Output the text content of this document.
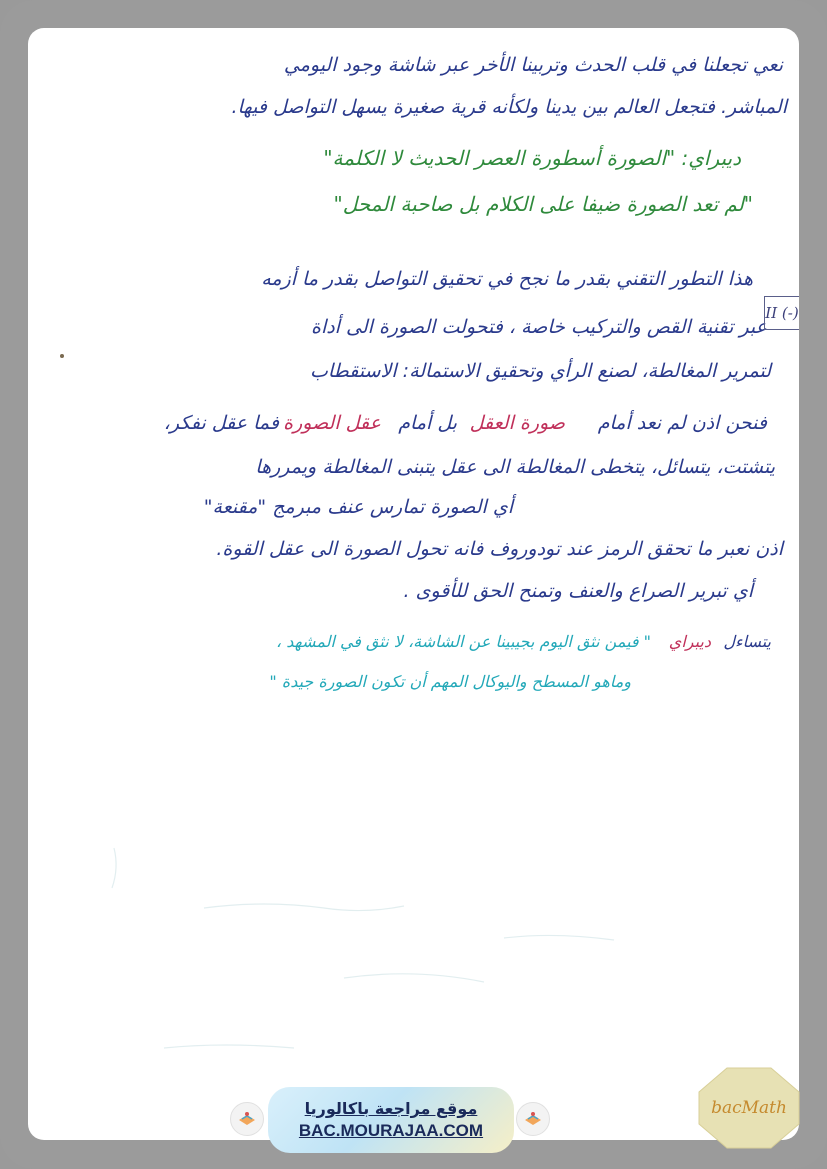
نعي تجعلنا في قلب الحدث وتربينا الأخر عبر شاشة وجود اليومي
المباشر. فتجعل العالم بين يدينا ولكأنه قرية صغيرة يسهل التواصل فيها.
ديبراي: "الصورة أسطورة العصر الحديث لا الكلمة"
"لم تعد الصورة ضيفا على الكلام بل صاحبة المحل"
هذا التطور التقني بقدر ما نجح في تحقيق التواصل بقدر ما أزمه
عبر تقنية القص والتركيب خاصة ، فتحولت الصورة الى أداة
لتمرير المغالطة، لصنع الرأي وتحقيق الاستمالة: الاستقطاب
فنحن اذن لم نعد أمام
صورة العقل
بل أمام
عقل الصورة
فما عقل نفكر،
يتشتت، يتسائل، يتخطى المغالطة الى عقل يتبنى المغالطة ويمررها
أي الصورة تمارس عنف مبرمج "مقنعة"
اذن نعبر ما تحقق الرمز عند تودوروف فانه تحول الصورة الى عقل القوة.
أي تبرير الصراع والعنف وتمنح الحق للأقوى .
يتساءل
ديبراي
" فيمن نثق اليوم بجيبينا عن الشاشة، لا نثق في المشهد ،
وماهو المسطح واليوكال المهم أن تكون الصورة جيدة "
II (-)
موقع مراجعة باكالوريا
BAC.MOURAJAA.COM
bacMath
